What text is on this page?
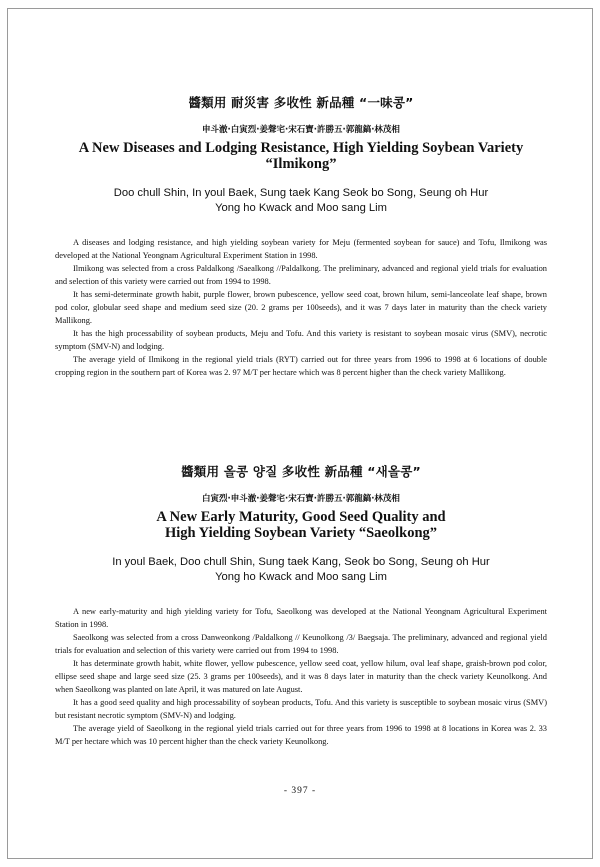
醬類用 耐災害 多收性 新品種 “一味콩”
申斗澈·白寅烈·姜聲宅·宋石寶·許勝五·郭龍鎬·林茂相
A New Diseases and Lodging Resistance, High Yielding Soybean Variety
“Ilmikong”
Doo chull Shin, In youl Baek, Sung taek Kang Seok bo Song, Seung oh Hur
Yong ho Kwack and Moo sang Lim

A diseases and lodging resistance, and high yielding soybean variety for Meju (fermented soybean for sauce) and Tofu, Ilmikong was developed at the National Yeongnam Agricultural Experiment Station in 1998.

Ilmikong was selected from a cross Paldalkong /Saealkong //Paldalkong. The preliminary, advanced and regional yield trials for evaluation and selection of this variety were carried out from 1994 to 1998.

It has semi-determinate growth habit, purple flower, brown pubescence, yellow seed coat, brown hilum, semi-lanceolate leaf shape, brown pod color, globular seed shape and medium seed size (20. 2 grams per 100seeds), and it was 7 days later in maturity than the check variety Mallikong.

It has the high processability of soybean products, Meju and Tofu. And this variety is resistant to soybean mosaic virus (SMV), necrotic symptom (SMV-N) and lodging.

The average yield of Ilmikong in the regional yield trials (RYT) carried out for three years from 1996 to 1998 at 6 locations of double cropping region in the southern part of Korea was 2. 97 M/T per hectare which was 8 percent higher than the check variety Mallikong.

醬類用 올콩 양질 多收性 新品種 “새올콩”
白寅烈·申斗澈·姜聲宅·宋石寶·許勝五·郭龍鎬·林茂相
A New Early Maturity, Good Seed Quality and
High Yielding Soybean Variety “Saeolkong”
In youl Baek, Doo chull Shin, Sung taek Kang, Seok bo Song, Seung oh Hur
Yong ho Kwack and Moo sang Lim

A new early-maturity and high yielding variety for Tofu, Saeolkong was developed at the National Yeongnam Agricultural Experiment Station in 1998.

Saeolkong was selected from a cross Danweonkong /Paldalkong // Keunolkong /3/ Baegsaja. The preliminary, advanced and regional yield trials for evaluation and selection of this variety were carried out from 1994 to 1998.

It has determinate growth habit, white flower, yellow pubescence, yellow seed coat, yellow hilum, oval leaf shape, graish-brown pod color, ellipse seed shape and large seed size (25. 3 grams per 100seeds), and it was 8 days later in maturity than the check variety Keunolkong. And when Saeolkong was planted on late April, it was matured on late August.

It has a good seed quality and high processability of soybean products, Tofu. And this variety is susceptible to soybean mosaic virus (SMV) but resistant necrotic symptom (SMV-N) and lodging.

The average yield of Saeolkong in the regional yield trials carried out for three years from 1996 to 1998 at 8 locations in Korea was 2. 33 M/T per hectare which was 10 percent higher than the check variety Keunolkong.

- 397 -
